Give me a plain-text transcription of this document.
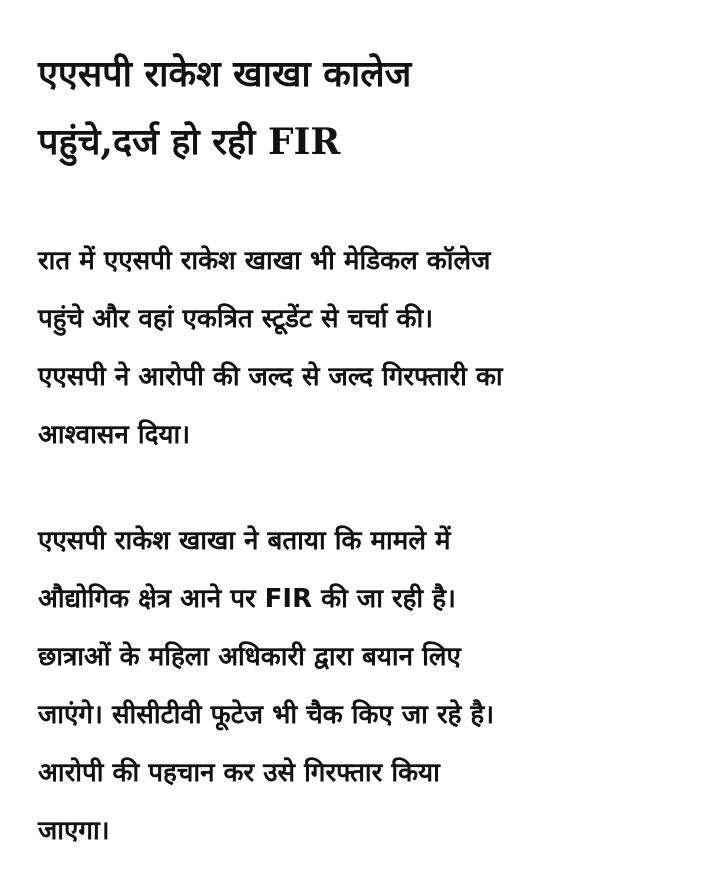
एएसपी राकेश खाखा कालेज
पहुंचे,दर्ज हो रही FIR

रात में एएसपी राकेश खाखा भी मेडिकल कॉलेज
पहुंचे और वहां एकत्रित स्टूडेंट से चर्चा की।
एएसपी ने आरोपी की जल्द से जल्द गिरफ्तारी का
आश्वासन दिया।

एएसपी राकेश खाखा ने बताया कि मामले में
औद्योगिक क्षेत्र आने पर FIR की जा रही है।
छात्राओं के महिला अधिकारी द्वारा बयान लिए
जाएंगे। सीसीटीवी फूटेज भी चैक किए जा रहे है।
आरोपी की पहचान कर उसे गिरफ्तार किया
जाएगा।
